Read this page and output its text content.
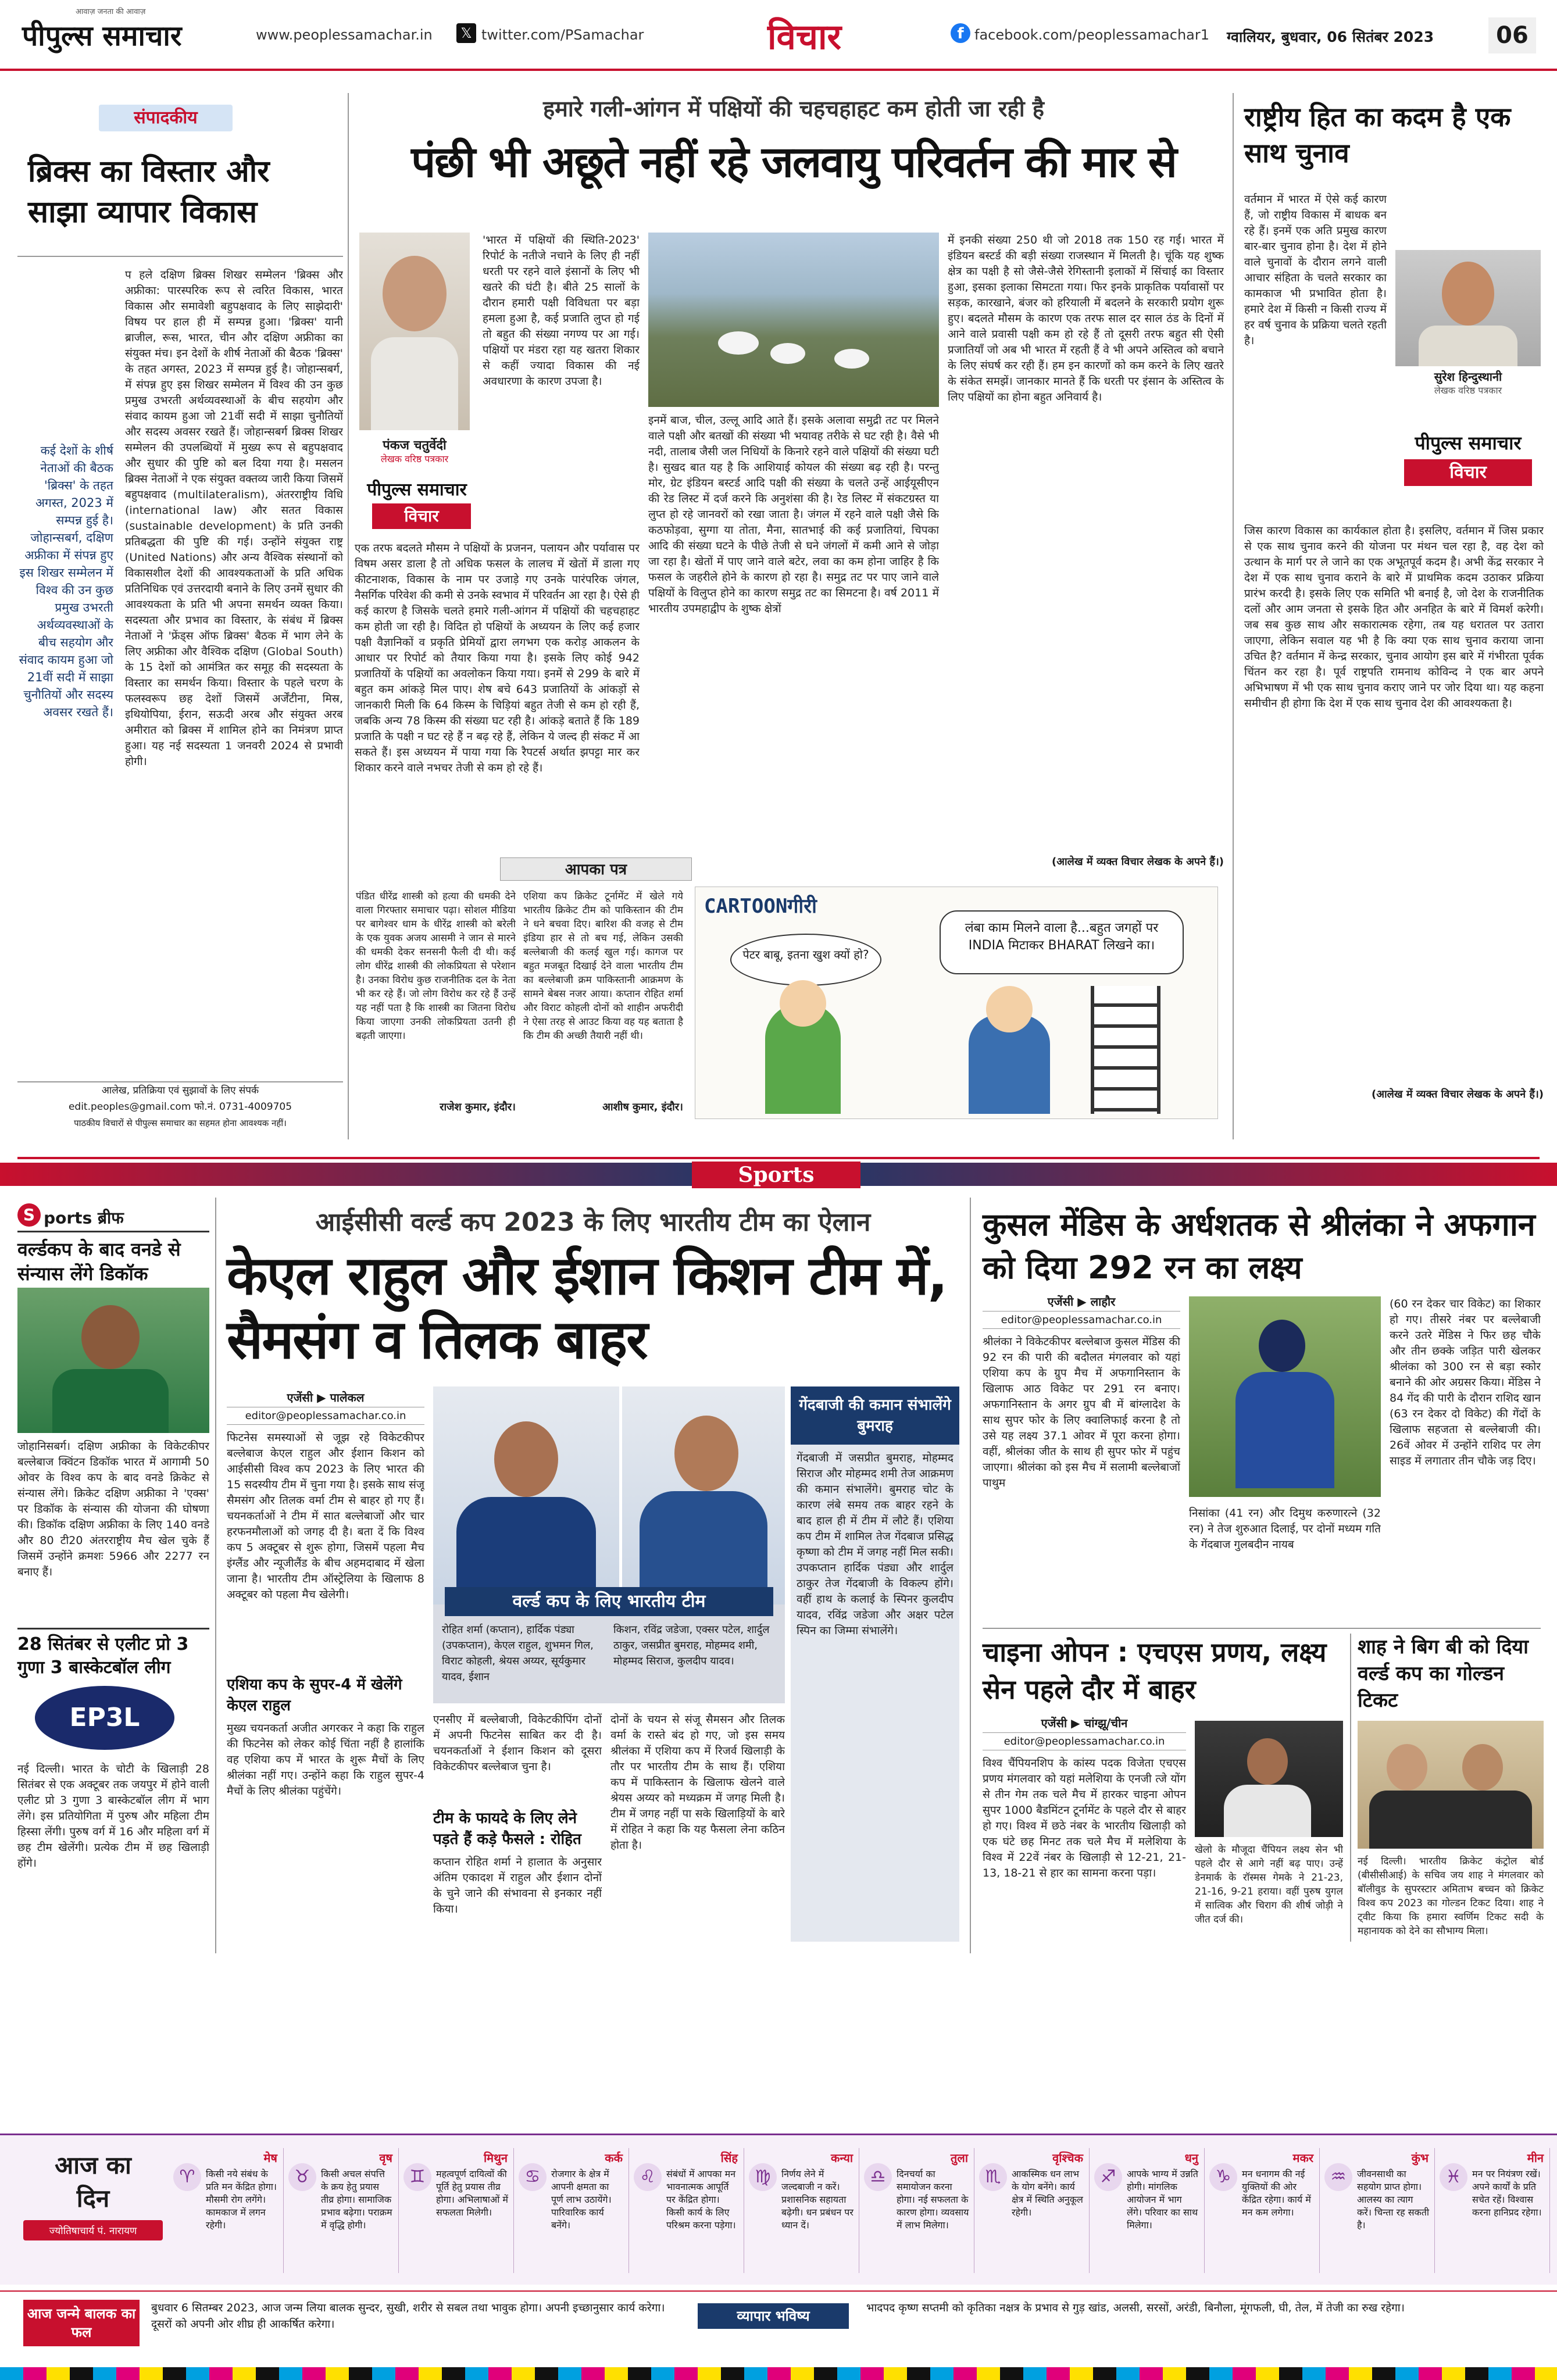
पीपुल्स समाचार
आवाज़ जनता की आवाज़
www.peoplessamachar.in	𝕏 twitter.com/PSamachar	विचार	f facebook.com/peoplessamachar1 ग्वालियर, बुधवार, 06 सितंबर 2023	06
संपादकीय
ब्रिक्स का विस्तार और साझा व्यापार विकास
कई देशों के शीर्ष नेताओं की बैठक 'ब्रिक्स' के तहत अगस्त, 2023 में सम्पन्न हुई है। जोहान्सबर्ग, दक्षिण अफ्रीका में संपन्न हुए इस शिखर सम्मेलन में विश्व की उन कुछ प्रमुख उभरती अर्थव्यवस्थाओं के बीच सहयोग और संवाद कायम हुआ जो 21वीं सदी में साझा चुनौतियों और सदस्य अवसर रखते हैं।
प हले दक्षिण ब्रिक्स शिखर सम्मेलन 'ब्रिक्स और अफ्रीका: पारस्परिक रूप से त्वरित विकास, भारत विकास और समावेशी बहुपक्षवाद के लिए साझेदारी' विषय पर हाल ही में सम्पन्न हुआ। 'ब्रिक्स' यानी ब्राजील, रूस, भारत, चीन और दक्षिण अफ्रीका का संयुक्त मंच। इन देशों के शीर्ष नेताओं की बैठक 'ब्रिक्स' के तहत अगस्त, 2023 में सम्पन्न हुई है। जोहान्सबर्ग, में संपन्न हुए इस शिखर सम्मेलन में विश्व की उन कुछ प्रमुख उभरती अर्थव्यवस्थाओं के बीच सहयोग और संवाद कायम हुआ जो 21वीं सदी में साझा चुनौतियों और सदस्य अवसर रखते हैं। जोहान्सबर्ग ब्रिक्स शिखर सम्मेलन की उपलब्धियों में मुख्य रूप से बहुपक्षवाद और सुधार की पुष्टि को बल दिया गया है। मसलन ब्रिक्स नेताओं ने एक संयुक्त वक्तव्य जारी किया जिसमें बहुपक्षवाद (multilateralism), अंतरराष्ट्रीय विधि (international law) और सतत विकास (sustainable development) के प्रति उनकी प्रतिबद्धता की पुष्टि की गई। उन्होंने संयुक्त राष्ट्र (United Nations) और अन्य वैश्विक संस्थानों को विकासशील देशों की आवश्यकताओं के प्रति अधिक प्रतिनिधिक एवं उत्तरदायी बनाने के लिए उनमें सुधार की आवश्यकता के प्रति भी अपना समर्थन व्यक्त किया। सदस्यता और प्रभाव का विस्तार, के संबंध में ब्रिक्स नेताओं ने 'फ्रेंड्स ऑफ ब्रिक्स' बैठक में भाग लेने के लिए अफ्रीका और वैश्विक दक्षिण (Global South) के 15 देशों को आमंत्रित कर समूह की सदस्यता के विस्तार का समर्थन किया। विस्तार के पहले चरण के फलस्वरूप छह देशों जिसमें अर्जेंटीना, मिस्र, इथियोपिया, ईरान, सऊदी अरब और संयुक्त अरब अमीरात को ब्रिक्स में शामिल होने का निमंत्रण प्राप्त हुआ। यह नई सदस्यता 1 जनवरी 2024 से प्रभावी होगी।
आलेख, प्रतिक्रिया एवं सुझावों के लिए संपर्क
edit.peoples@gmail.com फो.नं. 0731-4009705
पाठकीय विचारों से पीपुल्स समाचार का सहमत होना आवश्यक नहीं।
हमारे गली-आंगन में पक्षियों की चहचहाहट कम होती जा रही है
पंछी भी अछूते नहीं रहे जलवायु परिवर्तन की मार से
पंकज चतुर्वेदी
लेखक वरिष्ठ पत्रकार
पीपुल्स समाचार
विचार
'भारत में पक्षियों की स्थिति-2023' रिपोर्ट के नतीजे नचाने के लिए ही नहीं धरती पर रहने वाले इंसानों के लिए भी खतरे की घंटी है। बीते 25 सालों के दौरान हमारी पक्षी विविधता पर बड़ा हमला हुआ है, कई प्रजाति लुप्त हो गई तो बहुत की संख्या नगण्य पर आ गई। पक्षियों पर मंडरा रहा यह खतरा शिकार से कहीं ज्यादा विकास की नई अवधारणा के कारण उपजा है।
एक तरफ बदलते मौसम ने पक्षियों के प्रजनन, पलायन और पर्यावास पर विषम असर डाला है तो अधिक फसल के लालच में खेतों में डाला गए कीटनाशक, विकास के नाम पर उजाड़े गए उनके पारंपरिक जंगल, नैसर्गिक परिवेश की कमी से उनके स्वभाव में परिवर्तन आ रहा है। ऐसे ही कई कारण है जिसके चलते हमारे गली-आंगन में पक्षियों की चहचहाहट कम होती जा रही है। विदित हो पक्षियों के अध्ययन के लिए कई हजार पक्षी वैज्ञानिकों व प्रकृति प्रेमियों द्वारा लगभग एक करोड़ आकलन के आधार पर रिपोर्ट को तैयार किया गया है। इसके लिए कोई 942 प्रजातियों के पक्षियों का अवलोकन किया गया। इनमें से 299 के बारे में बहुत कम आंकड़े मिल पाए। शेष बचे 643 प्रजातियों के आंकड़ों से जानकारी मिली कि 64 किस्म के चिड़ियां बहुत तेजी से कम हो रही हैं, जबकि अन्य 78 किस्म की संख्या घट रही है। आंकड़े बताते हैं कि 189 प्रजाति के पक्षी न घट रहे हैं न बढ़ रहे हैं, लेकिन ये जल्द ही संकट में आ सकते हैं। इस अध्ययन में पाया गया कि रैपटर्स अर्थात झपट्टा मार कर शिकार करने वाले नभचर तेजी से कम हो रहे हैं।
इनमें बाज, चील, उल्लू आदि आते हैं। इसके अलावा समुद्री तट पर मिलने वाले पक्षी और बतखों की संख्या भी भयावह तरीके से घट रही है। वैसे भी नदी, तालाब जैसी जल निधियों के किनारे रहने वाले पक्षियों की संख्या घटी है। सुखद बात यह है कि आशियाई कोयल की संख्या बढ़ रही है। परन्तु मोर, ग्रेट इंडियन बस्टर्ड आदि पक्षी की संख्या के चलते उन्हें आईयूसीएन की रेड लिस्ट में दर्ज करने कि अनुशंसा की है। रेड लिस्ट में संकटग्रस्त या लुप्त हो रहे जानवरों को रखा जाता है। जंगल में रहने वाले पक्षी जैसे कि कठफोड़वा, सुग्गा या तोता, मैना, सातभाई की कई प्रजातियां, चिपका आदि की संख्या घटने के पीछे तेजी से घने जंगलों में कमी आने से जोड़ा जा रहा है। खेतों में पाए जाने वाले बटेर, लवा का कम होना जाहिर है कि फसल के जहरीले होने के कारण हो रहा है। समुद्र तट पर पाए जाने वाले पक्षियों के विलुप्त होने का कारण समुद्र तट का सिमटना है। वर्ष 2011 में भारतीय उपमहाद्वीप के शुष्क क्षेत्रों
में इनकी संख्या 250 थी जो 2018 तक 150 रह गई। भारत में इंडियन बस्टर्ड की बड़ी संख्या राजस्थान में मिलती है। चूंकि यह शुष्क क्षेत्र का पक्षी है सो जैसे-जैसे रेगिस्तानी इलाकों में सिंचाई का विस्तार हुआ, इसका इलाका सिमटता गया। फिर इनके प्राकृतिक पर्यावासों पर सड़क, कारखाने, बंजर को हरियाली में बदलने के सरकारी प्रयोग शुरू हुए। बदलते मौसम के कारण एक तरफ साल दर साल ठंड के दिनों में आने वाले प्रवासी पक्षी कम हो रहे हैं तो दूसरी तरफ बहुत सी ऐसी प्रजातियाँ जो अब भी भारत में रहती हैं वे भी अपने अस्तित्व को बचाने के लिए संघर्ष कर रही हैं। हम इन कारणों को कम करने के लिए खतरे के संकेत समझें। जानकार मानते हैं कि धरती पर इंसान के अस्तित्व के लिए पक्षियों का होना बहुत अनिवार्य है।
(आलेख में व्यक्त विचार लेखक के अपने हैं।)
आपका पत्र
पंडित धीरेंद्र शास्त्री को हत्या की धमकी देने वाला गिरफ्तार समाचार पढ़ा। सोशल मीडिया पर बागेश्वर धाम के धीरेंद्र शास्त्री को बरेली के एक युवक अजय आसमी ने जान से मारने की धमकी देकर सनसनी फैली दी थी। कई लोग धीरेंद्र शास्त्री की लोकप्रियता से परेशान है। उनका विरोध कुछ राजनीतिक दल के नेता भी कर रहे हैं। जो लोग विरोध कर रहे हैं उन्हें यह नहीं पता है कि शास्त्री का जितना विरोध किया जाएगा उनकी लोकप्रियता उतनी ही बढ़ती जाएगा।
राजेश कुमार, इंदौर।
एशिया कप क्रिकेट टूर्नामेंट में खेले गये भारतीय क्रिकेट टीम को पाकिस्तान की टीम ने धने बचवा दिए। बारिश की वजह से टीम इंडिया हार से तो बच गई, लेकिन उसकी बल्लेबाजी की कलई खुल गई। कागज पर बहुत मजबूत दिखाई देने वाला भारतीय टीम का बल्लेबाजी क्रम पाकिस्तानी आक्रमण के सामने बेबस नजर आया। कप्तान रोहित शर्मा और विराट कोहली दोनों को शाहीन अफरीदी ने ऐसा तरह से आउट किया वह यह बताता है कि टीम की अच्छी तैयारी नहीं थी।
आशीष कुमार, इंदौर।
CARTOONगीरी
पेटर बाबू, इतना खुश क्यों हो?
लंबा काम मिलने वाला है...बहुत जगहों पर INDIA मिटाकर BHARAT लिखने का।
राष्ट्रीय हित का कदम है एक साथ चुनाव
वर्तमान में भारत में ऐसे कई कारण हैं, जो राष्ट्रीय विकास में बाधक बन रहे हैं। इनमें एक अति प्रमुख कारण बार-बार चुनाव होना है। देश में होने वाले चुनावों के दौरान लगने वाली आचार संहिता के चलते सरकार का कामकाज भी प्रभावित होता है। हमारे देश में किसी न किसी राज्य में हर वर्ष चुनाव के प्रक्रिया चलते रहती है।
सुरेश हिन्दुस्थानी
लेखक वरिष्ठ पत्रकार
पीपुल्स समाचार
विचार
जिस कारण विकास का कार्यकाल होता है। इसलिए, वर्तमान में जिस प्रकार से एक साथ चुनाव करने की योजना पर मंथन चल रहा है, वह देश को उत्थान के मार्ग पर ले जाने का एक अभूतपूर्व कदम है। अभी केंद्र सरकार ने देश में एक साथ चुनाव कराने के बारे में प्राथमिक कदम उठाकर प्रक्रिया प्रारंभ करदी है। इसके लिए एक समिति भी बनाई है, जो देश के राजनीतिक दलों और आम जनता से इसके हित और अनहित के बारे में विमर्श करेगी। जब सब कुछ साथ और सकारात्मक रहेगा, तब यह धरातल पर उतारा जाएगा, लेकिन सवाल यह भी है कि क्या एक साथ चुनाव कराया जाना उचित है? वर्तमान में केन्द्र सरकार, चुनाव आयोग इस बारे में गंभीरता पूर्वक चिंतन कर रहा है। पूर्व राष्ट्रपति रामनाथ कोविन्द ने एक बार अपने अभिभाषण में भी एक साथ चुनाव कराए जाने पर जोर दिया था। यह कहना समीचीन ही होगा कि देश में एक साथ चुनाव देश की आवश्यकता है।
(आलेख में व्यक्त विचार लेखक के अपने हैं।)
Sports
S ports ब्रीफ
वर्ल्डकप के बाद वनडे से संन्यास लेंगे डिकॉक
जोहानिसबर्ग। दक्षिण अफ्रीका के विकेटकीपर बल्लेबाज क्विंटन डिकॉक भारत में आगामी 50 ओवर के विश्व कप के बाद वनडे क्रिकेट से संन्यास लेंगे। क्रिकेट दक्षिण अफ्रीका ने 'एक्स' पर डिकॉक के संन्यास की योजना की घोषणा की। डिकॉक दक्षिण अफ्रीका के लिए 140 वनडे और 80 टी20 अंतरराष्ट्रीय मैच खेल चुके हैं जिसमें उन्होंने क्रमशः 5966 और 2277 रन बनाए हैं।
28 सितंबर से एलीट प्रो 3 गुणा 3 बास्केटबॉल लीग
EP3L
नई दिल्ली। भारत के चोटी के खिलाड़ी 28 सितंबर से एक अक्टूबर तक जयपुर में होने वाली एलीट प्रो 3 गुणा 3 बास्केटबॉल लीग में भाग लेंगे। इस प्रतियोगिता में पुरुष और महिला टीम हिस्सा लेंगी। पुरुष वर्ग में 16 और महिला वर्ग में छह टीम खेलेंगी। प्रत्येक टीम में छह खिलाड़ी होंगे।
आईसीसी वर्ल्ड कप 2023 के लिए भारतीय टीम का ऐलान
केएल राहुल और ईशान किशन टीम में, सैमसंग व तिलक बाहर
एजेंसी ▶ पालेकल
editor@peoplessamachar.co.in
फिटनेस समस्याओं से जूझ रहे विकेटकीपर बल्लेबाज केएल राहुल और ईशान किशन को आईसीसी विश्व कप 2023 के लिए भारत की 15 सदस्यीय टीम में चुना गया है। इसके साथ संजू सैमसंग और तिलक वर्मा टीम से बाहर हो गए हैं। चयनकर्ताओं ने टीम में सात बल्लेबाजों और चार हरफनमौलाओं को जगह दी है। बता दें कि विश्व कप 5 अक्टूबर से शुरू होगा, जिसमें पहला मैच इंग्लैंड और न्यूजीलैंड के बीच अहमदाबाद में खेला जाना है। भारतीय टीम ऑस्ट्रेलिया के खिलाफ 8 अक्टूबर को पहला मैच खेलेगी।
एशिया कप के सुपर-4 में खेलेंगे केएल राहुल
मुख्य चयनकर्ता अजीत अगरकर ने कहा कि राहुल की फिटनेस को लेकर कोई चिंता नहीं है हालांकि वह एशिया कप में भारत के शुरू मैचों के लिए श्रीलंका नहीं गए। उन्होंने कहा कि राहुल सुपर-4 मैचों के लिए श्रीलंका पहुंचेंगे।
वर्ल्ड कप के लिए भारतीय टीम
रोहित शर्मा (कप्तान), हार्दिक पंड्या (उपकप्तान), केएल राहुल, शुभमन गिल, विराट कोहली, श्रेयस अय्यर, सूर्यकुमार यादव, ईशान
किशन, रविंद्र जडेजा, एक्सर पटेल, शार्दुल ठाकुर, जसप्रीत बुमराह, मोहम्मद शमी, मोहम्मद सिराज, कुलदीप यादव।
एनसीए में बल्लेबाजी, विकेटकीपिंग दोनों में अपनी फिटनेस साबित कर दी है। चयनकर्ताओं ने ईशान किशन को दूसरा विकेटकीपर बल्लेबाज चुना है।
टीम के फायदे के लिए लेने पड़ते हैं कड़े फैसले : रोहित
कप्तान रोहित शर्मा ने हालात के अनुसार अंतिम एकादश में राहुल और ईशान दोनों के चुने जाने की संभावना से इनकार नहीं किया।
दोनों के चयन से संजू सैमसन और तिलक वर्मा के रास्ते बंद हो गए, जो इस समय श्रीलंका में एशिया कप में रिजर्व खिलाड़ी के तौर पर भारतीय टीम के साथ हैं। एशिया कप में पाकिस्तान के खिलाफ खेलने वाले श्रेयस अय्यर को मध्यक्रम में जगह मिली है। टीम में जगह नहीं पा सके खिलाड़ियों के बारे में रोहित ने कहा कि यह फैसला लेना कठिन होता है।
गेंदबाजी की कमान संभालेंगे बुमराह
गेंदबाजी में जसप्रीत बुमराह, मोहम्मद सिराज और मोहम्मद शमी तेज आक्रमण की कमान संभालेंगे। बुमराह चोट के कारण लंबे समय तक बाहर रहने के बाद हाल ही में टीम में लौटे हैं। एशिया कप टीम में शामिल तेज गेंदबाज प्रसिद्ध कृष्णा को टीम में जगह नहीं मिल सकी। उपकप्तान हार्दिक पंड्या और शार्दुल ठाकुर तेज गेंदबाजी के विकल्प होंगे। वहीं हाथ के कलाई के स्पिनर कुलदीप यादव, रविंद्र जडेजा और अक्षर पटेल स्पिन का जिम्मा संभालेंगे।
कुसल मेंडिस के अर्धशतक से श्रीलंका ने अफगान को दिया 292 रन का लक्ष्य
एजेंसी ▶ लाहौर
editor@peoplessamachar.co.in
श्रीलंका ने विकेटकीपर बल्लेबाज कुसल मेंडिस की 92 रन की पारी की बदौलत मंगलवार को यहां एशिया कप के ग्रुप मैच में अफगानिस्तान के खिलाफ आठ विकेट पर 291 रन बनाए। अफगानिस्तान के अगर ग्रुप बी में बांग्लादेश के साथ सुपर फोर के लिए क्वालिफाई करना है तो उसे यह लक्ष्य 37.1 ओवर में पूरा करना होगा। वहीं, श्रीलंका जीत के साथ ही सुपर फोर में पहुंच जाएगा। श्रीलंका को इस मैच में सलामी बल्लेबाजों पाथुम
निसांका (41 रन) और दिमुथ करुणारत्ने (32 रन) ने तेज शुरुआत दिलाई, पर दोनों मध्यम गति के गेंदबाज गुलबदीन नायब
(60 रन देकर चार विकेट) का शिकार हो गए। तीसरे नंबर पर बल्लेबाजी करने उतरे मेंडिस ने फिर छह चौके और तीन छक्के जड़ित पारी खेलकर श्रीलंका को 300 रन से बड़ा स्कोर बनाने की ओर अग्रसर किया। मेंडिस ने 84 गेंद की पारी के दौरान राशिद खान (63 रन देकर दो विकेट) की गेंदों के खिलाफ सहजता से बल्लेबाजी की। 26वें ओवर में उन्होंने राशिद पर लेग साइड में लगातार तीन चौके जड़ दिए।
चाइना ओपन : एचएस प्रणय, लक्ष्य सेन पहले दौर में बाहर
एजेंसी ▶ चांग्झू/चीन
editor@peoplessamachar.co.in
विश्व चैंपियनशिप के कांस्य पदक विजेता एचएस प्रणय मंगलवार को यहां मलेशिया के एनजी त्जे योंग से तीन गेम तक चले मैच में हारकर चाइना ओपन सुपर 1000 बैडमिंटन टूर्नामेंट के पहले दौर से बाहर हो गए। विश्व में छठे नंबर के भारतीय खिलाड़ी को एक घंटे छह मिनट तक चले मैच में मलेशिया के विश्व में 22वें नंबर के खिलाड़ी से 12-21, 21-13, 18-21 से हार का सामना करना पड़ा।
खेलो के मौजूदा चैंपियन लक्ष्य सेन भी पहले दौर से आगे नहीं बढ़ पाए। उन्हें डेनमार्क के रॉस्मस गेमके ने 21-23, 21-16, 9-21 हराया। वहीं पुरुष युगल में सात्विक और चिराग की शीर्ष जोड़ी ने जीत दर्ज की।
शाह ने बिग बी को दिया वर्ल्ड कप का गोल्डन टिकट
नई दिल्ली। भारतीय क्रिकेट कंट्रोल बोर्ड (बीसीसीआई) के सचिव जय शाह ने मंगलवार को बॉलीवुड के सुपरस्टार अमिताभ बच्चन को क्रिकेट विश्व कप 2023 का गोल्डन टिकट दिया। शाह ने ट्वीट किया कि हमारा स्वर्णिम टिकट सदी के महानायक को देने का सौभाग्य मिला।
आज का
दिन
ज्योतिषाचार्य पं. नारायण
♈
मेष
किसी नये संबंध के प्रति मन केंद्रित होगा। मौसमी रोग लगेंगे। कामकाज में लगन रहेगी।
♉
वृष
किसी अचल संपत्ति के क्रय हेतु प्रयास तीव्र होगा। सामाजिक प्रभाव बढ़ेगा। पराक्रम में वृद्धि होगी।
♊
मिथुन
महत्वपूर्ण दायित्वों की पूर्ति हेतु प्रयास तीव्र होगा। अभिलाषाओं में सफलता मिलेगी।
♋
कर्क
रोजगार के क्षेत्र में आपनी क्षमता का पूर्ण लाभ उठायेंगे। पारिवारिक कार्य बनेंगे।
♌
सिंह
संबंधों में आपका मन भावनात्मक आपूर्ति पर केंद्रित होगा। किसी कार्य के लिए परिश्रम करना पड़ेगा।
♍
कन्या
निर्णय लेने में जल्दबाजी न करें। प्रशासनिक सहायता बढ़ेगी। धन प्रबंधन पर ध्यान दें।
♎
तुला
दिनचर्या का समायोजन करना होगा। नई सफलता के कारण होगा। व्यवसाय में लाभ मिलेगा।
♏
वृश्चिक
आकस्मिक धन लाभ के योग बनेंगे। कार्य क्षेत्र में स्थिति अनुकूल रहेगी।
♐
धनु
आपके भाग्य में उन्नति होगी। मांगलिक आयोजन में भाग लेंगे। परिवार का साथ मिलेगा।
♑
मकर
मन धनागम की नई युक्तियों की ओर केंद्रित रहेगा। कार्य में मन कम लगेगा।
♒
कुंभ
जीवनसाथी का सहयोग प्राप्त होगा। आलस्य का त्याग करें। चिन्ता रह सकती है।
♓
मीन
मन पर नियंत्रण रखें। अपने कार्यों के प्रति सचेत रहें। विश्वास करना हानिप्रद रहेगा।
आज जन्मे बालक का फल
बुधवार 6 सितम्बर 2023, आज जन्म लिया बालक सुन्दर, सुखी, शरीर से सबल तथा भावुक होगा। अपनी इच्छानुसार कार्य करेगा। दूसरों को अपनी ओर शीघ्र ही आकर्षित करेगा।	व्यापार भविष्य	भादपद कृष्ण सप्तमी को कृतिका नक्षत्र के प्रभाव से गुड़ खांड, अलसी, सरसों, अरंडी, बिनौला, मूंगफली, घी, तेल, में तेजी का रुख रहेगा।
